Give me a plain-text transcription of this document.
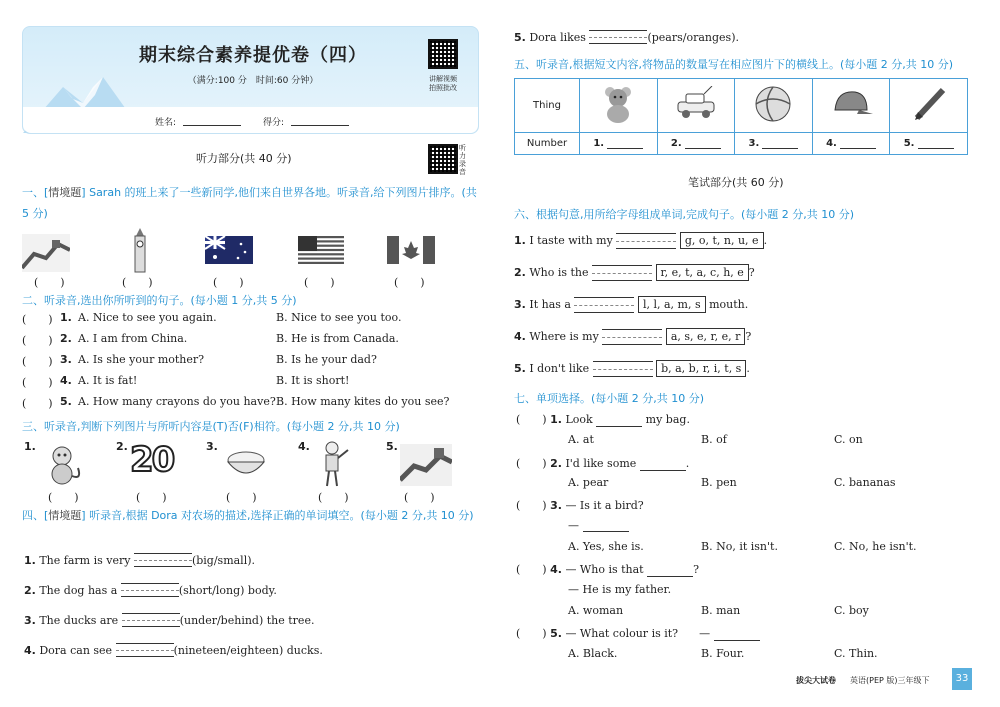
期末综合素养提优卷（四）
（满分:100 分　时间:60 分钟）	讲解视频
拍照批改
姓名:	得分:
听力部分(共 40 分)
听力录音
一、[情境题] Sarah 的班上来了一些新同学,他们来自世界各地。听录音,给下列图片排序。(共 5 分)
(　　)	(　　)	(　　)	(　　)	(　　)
二、听录音,选出你所听到的句子。(每小题 1 分,共 5 分)
(　　) 1. A. Nice to see you again.	B. Nice to see you too.
(　　) 2. A. I am from China.	B. He is from Canada.
(　　) 3. A. Is she your mother?	B. Is he your dad?
(　　) 4. A. It is fat!	B. It is short!
(　　) 5. A. How many crayons do you have? B. How many kites do you see?
三、听录音,判断下列图片与所听内容是(T)否(F)相符。(每小题 2 分,共 10 分)
1.	2.	3.	4.	5.
20
(　　)	(　　)	(　　)	(　　)	(　　)
四、[情境题] 听录音,根据 Dora 对农场的描述,选择正确的单词填空。(每小题 2 分,共 10 分)
1. The farm is very	(big/small).
2. The dog has a	(short/long) body.
3. The ducks are	(under/behind) the tree.
4. Dora can see	(nineteen/eighteen) ducks.
5. Dora likes	(pears/oranges).
五、听录音,根据短文内容,将物品的数量写在相应图片下的横线上。(每小题 2 分,共 10 分)
Thing					
Number	1.	2.	3.	4.	5.
笔试部分(共 60 分)
六、根据句意,用所给字母组成单词,完成句子。(每小题 2 分,共 10 分)
1. I taste with my	g, o, t, n, u, e .
2. Who is the	r, e, t, a, c, h, e ?
3. It has a	l, l, a, m, s mouth.
4. Where is my	a, s, e, r, e, r ?
5. I don't like	b, a, b, r, i, t, s .
七、单项选择。(每小题 2 分,共 10 分)
(　　) 1. Look	my bag.
A. at	B. of	C. on
(　　) 2. I'd like some	.
A. pear	B. pen	C. bananas
(　　) 3. — Is it a bird?
—
A. Yes, she is.	B. No, it isn't.	C. No, he isn't.
(　　) 4. — Who is that	?
— He is my father.
A. woman	B. man	C. boy
(　　) 5. — What colour is it? —
A. Black.	B. Four.	C. Thin.
拔尖大试卷 英语(PEP 版)三年级下	33
